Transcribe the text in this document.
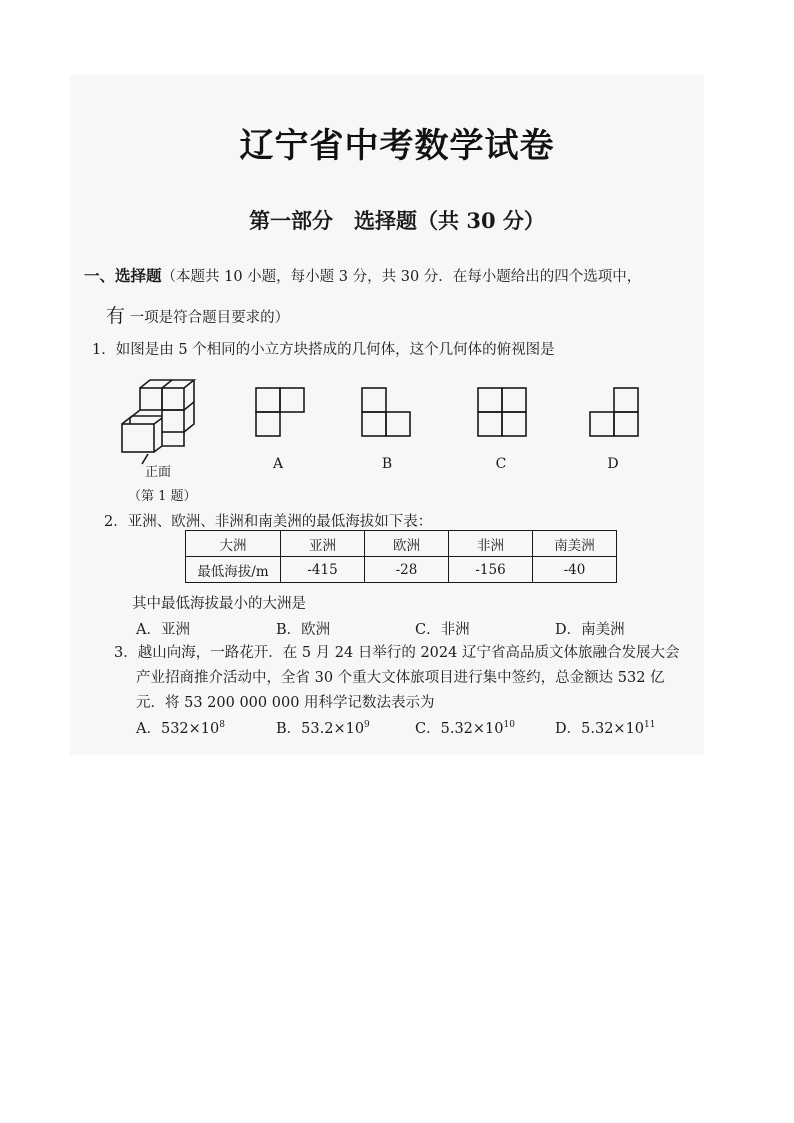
辽宁省中考数学试卷
第一部分　选择题（共 30 分）
一、选择题（本题共 10 小题，每小题 3 分，共 30 分．在每小题给出的四个选项中，
有 一项是符合题目要求的）
1．如图是由 5 个相同的小立方块搭成的几何体，这个几何体的俯视图是
正面
（第 1 题）
A	B	C	D
2．亚洲、欧洲、非洲和南美洲的最低海拔如下表：
大洲	亚洲	欧洲	非洲	南美洲
最低海拔/m	-415	-28	-156	-40
其中最低海拔最小的大洲是
A．亚洲	B．欧洲	C．非洲	D．南美洲
3．越山向海，一路花开．在 5 月 24 日举行的 2024 辽宁省高品质文体旅融合发展大会
产业招商推介活动中，全省 30 个重大文体旅项目进行集中签约，总金额达 532 亿
元．将 53 200 000 000 用科学记数法表示为
A．$532\times 10^8$	B．$53.2\times 10^9$	C．$5.32\times 10^{10}$	D．$5.32\times 10^{11}$
